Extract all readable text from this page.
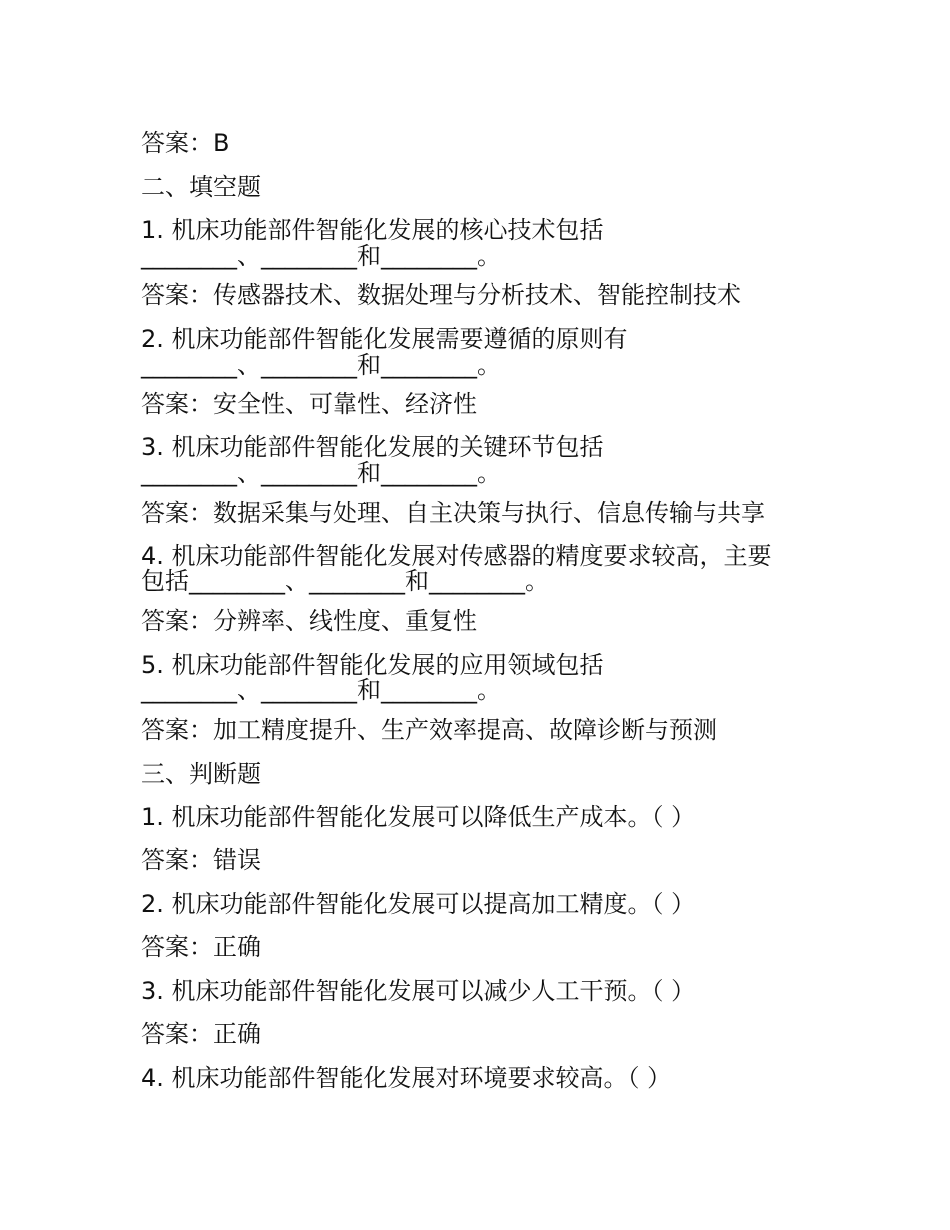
答案：B
二、填空题
1. 机床功能部件智能化发展的核心技术包括
________、________和________。
答案：传感器技术、数据处理与分析技术、智能控制技术
2. 机床功能部件智能化发展需要遵循的原则有
________、________和________。
答案：安全性、可靠性、经济性
3. 机床功能部件智能化发展的关键环节包括
________、________和________。
答案：数据采集与处理、自主决策与执行、信息传输与共享
4. 机床功能部件智能化发展对传感器的精度要求较高，主要
包括________、________和________。
答案：分辨率、线性度、重复性
5. 机床功能部件智能化发展的应用领域包括
________、________和________。
答案：加工精度提升、生产效率提高、故障诊断与预测
三、判断题
1. 机床功能部件智能化发展可以降低生产成本。（ ）
答案：错误
2. 机床功能部件智能化发展可以提高加工精度。（ ）
答案：正确
3. 机床功能部件智能化发展可以减少人工干预。（ ）
答案：正确
4. 机床功能部件智能化发展对环境要求较高。（ ）
